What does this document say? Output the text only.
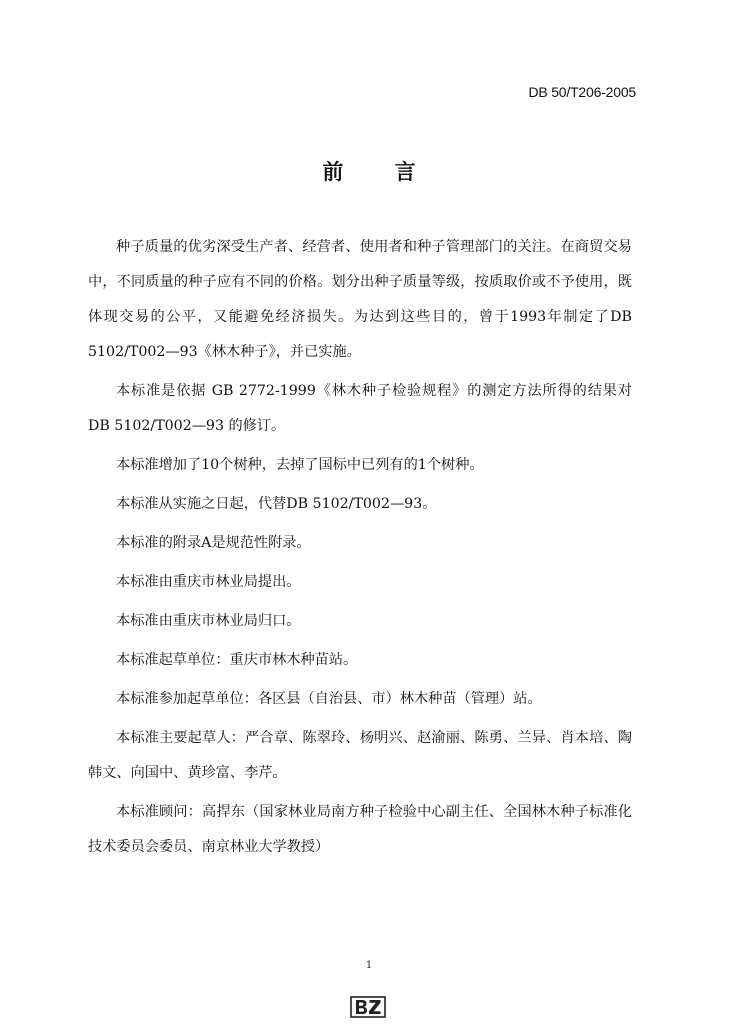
DB 50/T206-2005
前 言

种子质量的优劣深受生产者、经营者、使用者和种子管理部门的关注。在商贸交易中，不同质量的种子应有不同的价格。划分出种子质量等级，按质取价或不予使用，既体现交易的公平，又能避免经济损失。为达到这些目的，曾于1993年制定了DB 5102/T002—93《林木种子》，并已实施。

本标准是依据 GB 2772-1999《林木种子检验规程》的测定方法所得的结果对 DB 5102/T002—93 的修订。

本标准增加了10个树种，去掉了国标中已列有的1个树种。

本标准从实施之日起，代替DB 5102/T002—93。

本标准的附录A是规范性附录。

本标准由重庆市林业局提出。

本标准由重庆市林业局归口。

本标准起草单位：重庆市林木种苗站。

本标准参加起草单位：各区县（自治县、市）林木种苗（管理）站。

本标准主要起草人：严合章、陈翠玲、杨明兴、赵渝丽、陈勇、兰异、肖本培、陶韩文、向国中、黄珍富、李芹。

本标准顾问：高捍东（国家林业局南方种子检验中心副主任、全国林木种子标准化技术委员会委员、南京林业大学教授）

1
